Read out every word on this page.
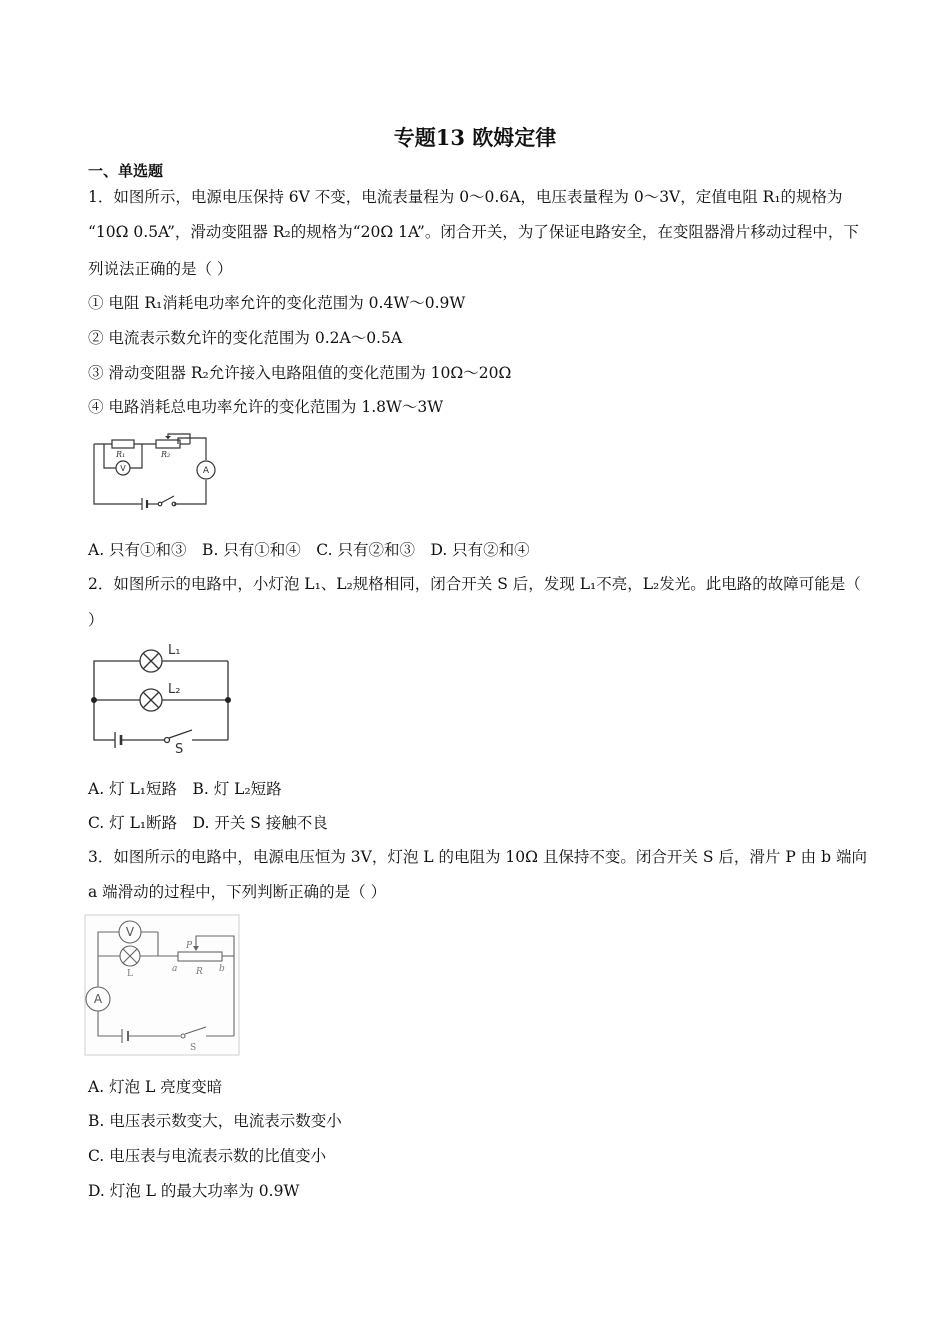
专题13 欧姆定律
一、单选题
1．如图所示，电源电压保持 6V 不变，电流表量程为 0～0.6A，电压表量程为 0～3V，定值电阻 R₁的规格为
“10Ω 0.5A”，滑动变阻器 R₂的规格为“20Ω 1A”。闭合开关，为了保证电路安全，在变阻器滑片移动过程中，下
列说法正确的是（ ）
① 电阻 R₁消耗电功率允许的变化范围为 0.4W～0.9W
② 电流表示数允许的变化范围为 0.2A～0.5A
③ 滑动变阻器 R₂允许接入电路阻值的变化范围为 10Ω～20Ω
④ 电路消耗总电功率允许的变化范围为 1.8W～3W
R₁	R₂
V	A
A. 只有①和③　B. 只有①和④　C. 只有②和③　D. 只有②和④
2．如图所示的电路中，小灯泡 L₁、L₂规格相同，闭合开关 S 后，发现 L₁不亮，L₂发光。此电路的故障可能是（
）
L₁
L₂
S
A. 灯 L₁短路　B. 灯 L₂短路
C. 灯 L₁断路　D. 开关 S 接触不良
3．如图所示的电路中，电源电压恒为 3V，灯泡 L 的电阻为 10Ω 且保持不变。闭合开关 S 后，滑片 P 由 b 端向
a 端滑动的过程中，下列判断正确的是（ ）
V
A
L
P
a R b
S
A. 灯泡 L 亮度变暗
B. 电压表示数变大，电流表示数变小
C. 电压表与电流表示数的比值变小
D. 灯泡 L 的最大功率为 0.9W
